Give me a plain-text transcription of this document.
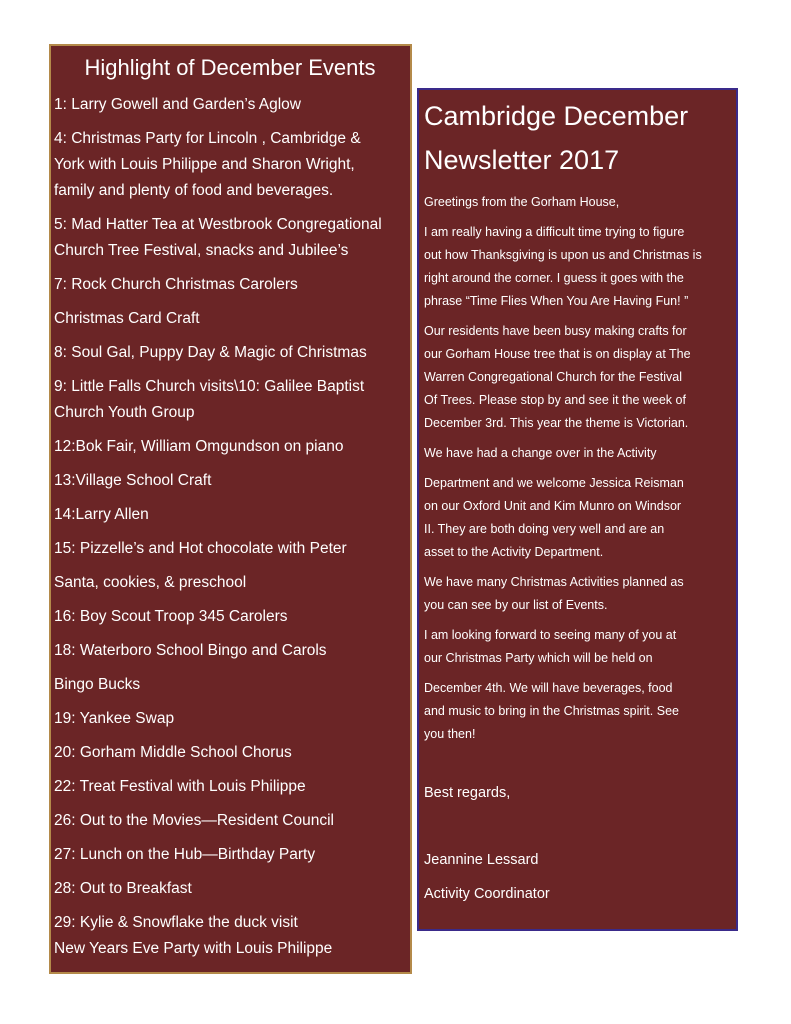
Highlight of December Events

1: Larry Gowell and Garden’s Aglow

4: Christmas Party for Lincoln , Cambridge &
York with Louis Philippe and Sharon Wright,
family and plenty of food and beverages.

5: Mad Hatter Tea at Westbrook Congregational
Church Tree Festival, snacks and Jubilee’s

7: Rock Church Christmas Carolers

Christmas Card Craft

8: Soul Gal, Puppy Day & Magic of Christmas

9: Little Falls Church visits\10: Galilee Baptist
Church Youth Group

12:Bok Fair, William Omgundson on piano

13:Village School Craft

14:Larry Allen

15: Pizzelle’s and Hot chocolate with Peter

Santa, cookies, & preschool

16: Boy Scout Troop 345 Carolers

18: Waterboro School Bingo and Carols

Bingo Bucks

19: Yankee Swap

20: Gorham Middle School Chorus

22: Treat Festival with Louis Philippe

26: Out to the Movies—Resident Council

27: Lunch on the Hub—Birthday Party

28: Out to Breakfast

29: Kylie & Snowflake the duck visit
New Years Eve Party with Louis Philippe

Cambridge December
Newsletter 2017

Greetings from the Gorham House,

I am really having a difficult time trying to figure
out how Thanksgiving is upon us and Christmas is
right around the corner. I guess it goes with the
phrase “Time Flies When You Are Having Fun! ”

Our residents have been busy making crafts for
our Gorham House tree that is on display at The
Warren Congregational Church for the Festival
Of Trees. Please stop by and see it the week of
December 3rd. This year the theme is Victorian.

We have had a change over in the Activity

Department and we welcome Jessica Reisman
on our Oxford Unit and Kim Munro on Windsor
II. They are both doing very well and are an
asset to the Activity Department.

We have many Christmas Activities planned as
you can see by our list of Events.

I am looking forward to seeing many of you at
our Christmas Party which will be held on

December 4th. We will have beverages, food
and music to bring in the Christmas spirit. See
you then!

Best regards,

Jeannine Lessard

Activity Coordinator
